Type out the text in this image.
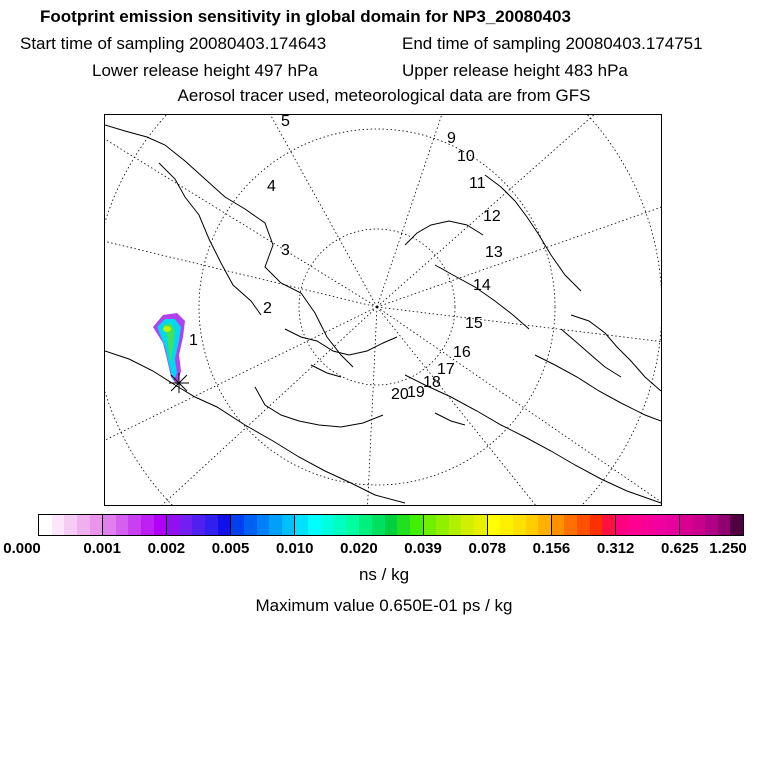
Footprint emission sensitivity in global domain for NP3_20080403
Start time of sampling 20080403.174643	End time of sampling 20080403.174751
Lower release height 497 hPa	Upper release height 483 hPa
Aerosol tracer used, meteorological data are from GFS
1
2
3
4
5
9
10
11
12
13
14
15
16
17
18
19
20
0.000	0.001 0.002 0.005 0.010 0.020 0.039 0.078 0.156 0.312 0.625 1.250
ns / kg
Maximum value 0.650E-01 ps / kg
